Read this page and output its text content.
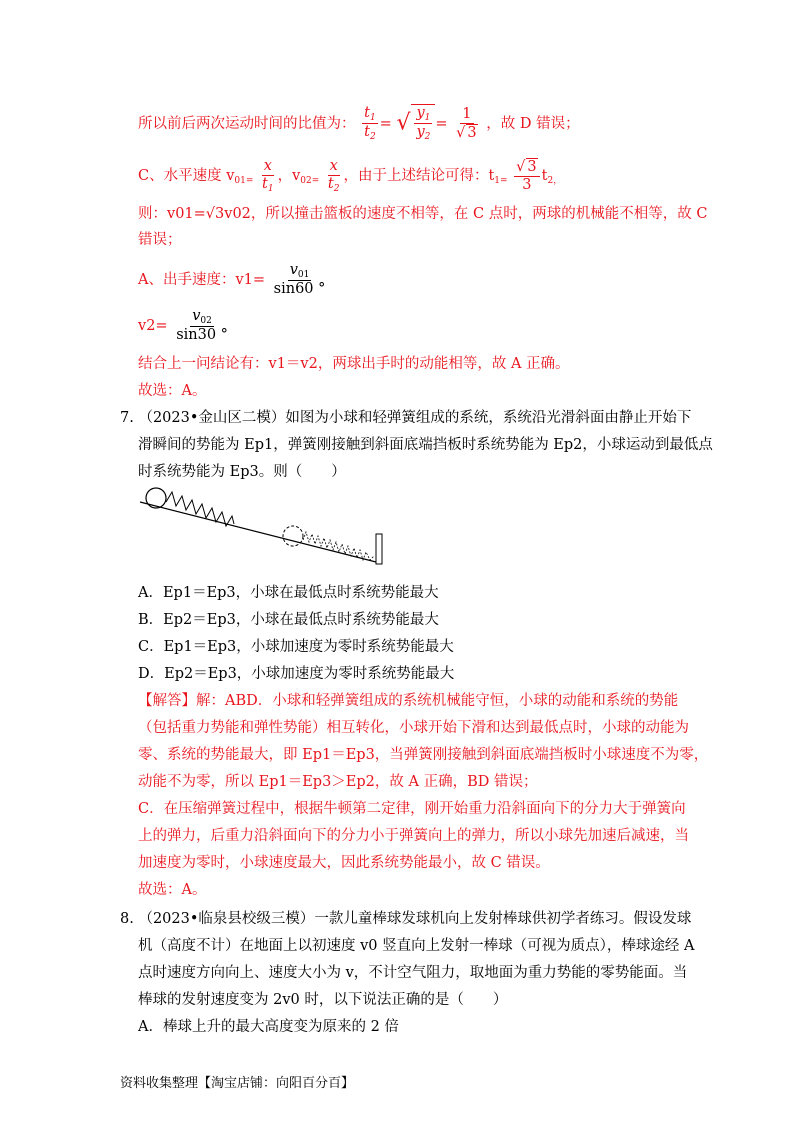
所以前后两次运动时间的比值为： $\frac{t_1}{t_2}$ = √ $\frac{y_1}{y_2} = \frac{1}{√ 3}$ ，故 D 错误；
C、水平速度 $v_{01=} \frac{x}{t_1}$ ，$v_{02=} \frac{x}{t_2}$ ，由于上述结论可得：$t_{1=} \frac{√ 3}{3} t_{2,}$
则：v01=√3v02，所以撞击篮板的速度不相等，在 C 点时，两球的机械能不相等，故 C
错误；
A、出手速度：$v1= \frac{v_{01}}{\sin 60 ^\circ}$
$v2= \frac{v_{02}}{\sin 30 ^\circ}$
结合上一问结论有：v1＝v2，两球出手时的动能相等，故 A 正确。
故选：A。
7. （2023•金山区二模）如图为小球和轻弹簧组成的系统，系统沿光滑斜面由静止开始下
滑瞬间的势能为 Ep1，弹簧刚接触到斜面底端挡板时系统势能为 Ep2，小球运动到最低点
时系统势能为 Ep3。则（　　）
A．Ep1＝Ep3，小球在最低点时系统势能最大
B．Ep2＝Ep3，小球在最低点时系统势能最大
C．Ep1＝Ep3，小球加速度为零时系统势能最大
D．Ep2＝Ep3，小球加速度为零时系统势能最大
【解答】解：ABD．小球和轻弹簧组成的系统机械能守恒，小球的动能和系统的势能
（包括重力势能和弹性势能）相互转化，小球开始下滑和达到最低点时，小球的动能为
零、系统的势能最大，即 Ep1＝Ep3，当弹簧刚接触到斜面底端挡板时小球速度不为零，
动能不为零，所以 Ep1＝Ep3＞Ep2，故 A 正确，BD 错误；
C．在压缩弹簧过程中，根据牛顿第二定律，刚开始重力沿斜面向下的分力大于弹簧向
上的弹力，后重力沿斜面向下的分力小于弹簧向上的弹力，所以小球先加速后减速，当
加速度为零时，小球速度最大，因此系统势能最小，故 C 错误。
故选：A。
8. （2023•临泉县校级三模）一款儿童棒球发球机向上发射棒球供初学者练习。假设发球
机（高度不计）在地面上以初速度 v0 竖直向上发射一棒球（可视为质点），棒球途经 A
点时速度方向向上、速度大小为 v，不计空气阻力，取地面为重力势能的零势能面。当
棒球的发射速度变为 2v0 时，以下说法正确的是（　　）
A．棒球上升的最大高度变为原来的 2 倍
资料收集整理【淘宝店铺：向阳百分百】
